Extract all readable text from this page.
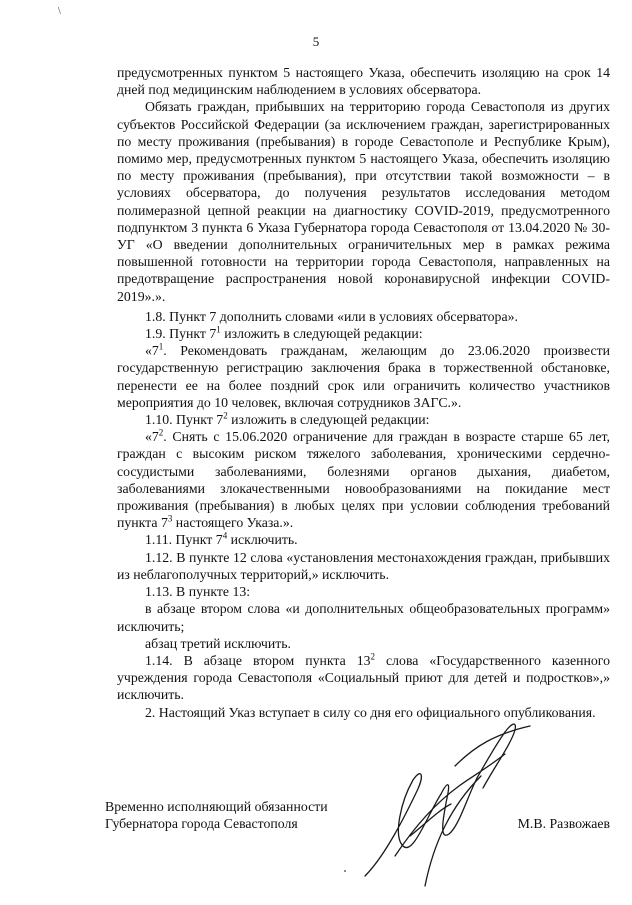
\
5

предусмотренных пунктом 5 настоящего Указа, обеспечить изоляцию на срок 14 дней под медицинским наблюдением в условиях обсерватора.

Обязать граждан, прибывших на территорию города Севастополя из других субъектов Российской Федерации (за исключением граждан, зарегистрированных по месту проживания (пребывания) в городе Севастополе и Республике Крым), помимо мер, предусмотренных пунктом 5 настоящего Указа, обеспечить изоляцию по месту проживания (пребывания), при отсутствии такой возможности – в условиях обсерватора, до получения результатов исследования методом полимеразной цепной реакции на диагностику COVID-2019, предусмотренного подпунктом 3 пункта 6 Указа Губернатора города Севастополя от 13.04.2020 № 30-УГ «О введении дополнительных ограничительных мер в рамках режима повышенной готовности на территории города Севастополя, направленных на предотвращение распространения новой коронавирусной инфекции COVID-2019».».

1.8. Пункт 7 дополнить словами «или в условиях обсерватора».

1.9. Пункт $7^1$ изложить в следующей редакции:

«$7^1$. Рекомендовать гражданам, желающим до 23.06.2020 произвести государственную регистрацию заключения брака в торжественной обстановке, перенести ее на более поздний срок или ограничить количество участников мероприятия до 10 человек, включая сотрудников ЗАГС.».

1.10. Пункт $7^2$ изложить в следующей редакции:

«$7^2$. Снять с 15.06.2020 ограничение для граждан в возрасте старше 65 лет, граждан с высоким риском тяжелого заболевания, хроническими сердечно-сосудистыми заболеваниями, болезнями органов дыхания, диабетом, заболеваниями злокачественными новообразованиями на покидание мест проживания (пребывания) в любых целях при условии соблюдения требований пункта $7^3$ настоящего Указа.».

1.11. Пункт $7^4$ исключить.

1.12. В пункте 12 слова «установления местонахождения граждан, прибывших из неблагополучных территорий,» исключить.

1.13. В пункте 13:

в абзаце втором слова «и дополнительных общеобразовательных программ» исключить;

абзац третий исключить.

1.14. В абзаце втором пункта $13^2$ слова «Государственного казенного учреждения города Севастополя «Социальный приют для детей и подростков»,» исключить.

2. Настоящий Указ вступает в силу со дня его официального опубликования.

Временно исполняющий обязанности
Губернатора города Севастополя	М.В. Развожаев
